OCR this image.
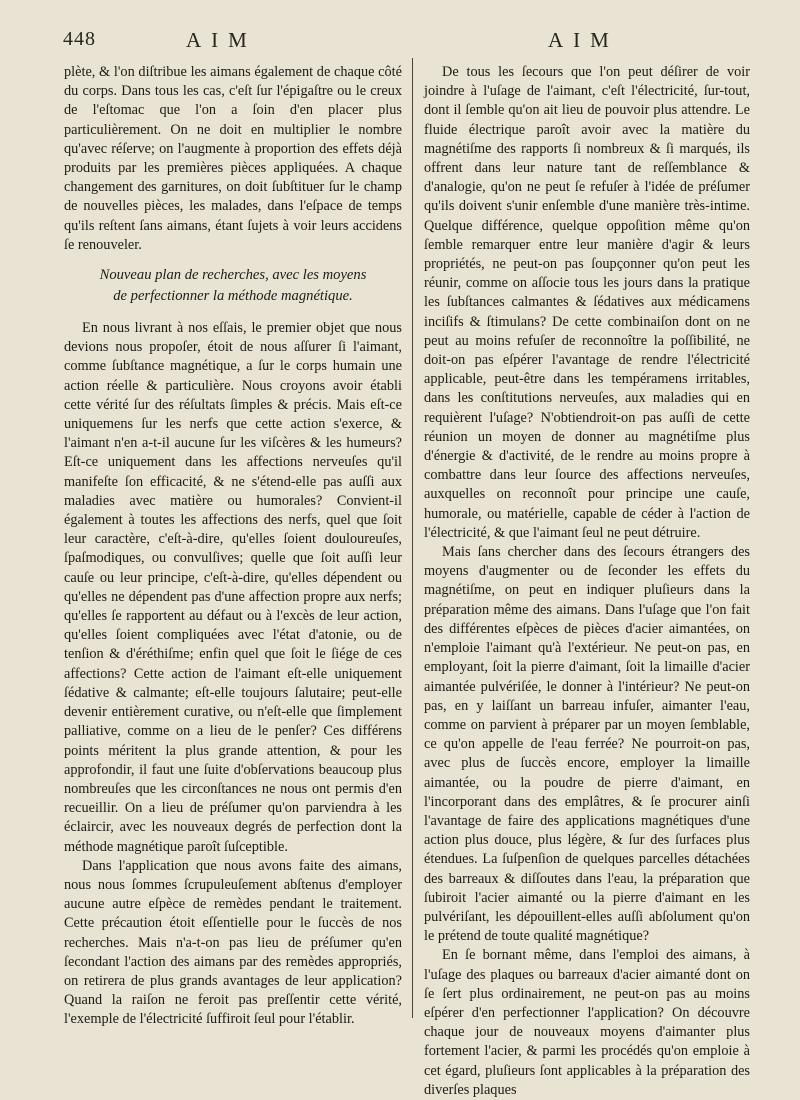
448	AIM	AIM

plète, & l'on diſtribue les aimans également de chaque côté du corps. Dans tous les cas, c'eſt ſur l'épigaſtre ou le creux de l'eſtomac que l'on a ſoin d'en placer plus particulièrement. On ne doit en multiplier le nombre qu'avec réſerve; on l'augmente à proportion des effets déjà produits par les premières pièces appliquées. A chaque changement des garnitures, on doit ſubſtituer ſur le champ de nouvelles pièces, les malades, dans l'eſpace de temps qu'ils reſtent ſans aimans, étant ſujets à voir leurs accidens ſe renouveler.

Nouveau plan de recherches, avec les moyens
de perfectionner la méthode magnétique.

En nous livrant à nos eſſais, le premier objet que nous devions nous propoſer, étoit de nous aſſurer ſi l'aimant, comme ſubſtance magnétique, a ſur le corps humain une action réelle & particulière. Nous croyons avoir établi cette vérité ſur des réſultats ſimples & précis. Mais eſt-ce uniquemens ſur les nerfs que cette action s'exerce, & l'aimant n'en a-t-il aucune ſur les viſcères & les humeurs? Eſt-ce uniquement dans les affections nerveuſes qu'il manifeſte ſon efficacité, & ne s'étend-elle pas auſſi aux maladies avec matière ou humorales? Convient-il également à toutes les affections des nerfs, quel que ſoit leur caractère, c'eſt-à-dire, qu'elles ſoient douloureuſes, ſpaſmodiques, ou convulſives; quelle que ſoit auſſi leur cauſe ou leur principe, c'eſt-à-dire, qu'elles dépendent ou qu'elles ne dépendent pas d'une affection propre aux nerfs; qu'elles ſe rapportent au défaut ou à l'excès de leur action, qu'elles ſoient compliquées avec l'état d'atonie, ou de tenſion & d'éréthiſme; enfin quel que ſoit le ſiége de ces affections? Cette action de l'aimant eſt-elle uniquement ſédative & calmante; eſt-elle toujours ſalutaire; peut-elle devenir entièrement curative, ou n'eſt-elle que ſimplement palliative, comme on a lieu de le penſer? Ces différens points méritent la plus grande attention, & pour les approfondir, il faut une ſuite d'obſervations beaucoup plus nombreuſes que les circonſtances ne nous ont permis d'en recueillir. On a lieu de préſumer qu'on parviendra à les éclaircir, avec les nouveaux degrés de perfection dont la méthode magnétique paroît ſuſceptible.

Dans l'application que nous avons faite des aimans, nous nous ſommes ſcrupuleuſement abſtenus d'employer aucune autre eſpèce de remèdes pendant le traitement. Cette précaution étoit eſſentielle pour le ſuccès de nos recherches. Mais n'a-t-on pas lieu de préſumer qu'en ſecondant l'action des aimans par des remèdes appropriés, on retirera de plus grands avantages de leur application? Quand la raiſon ne feroit pas preſſentir cette vérité, l'exemple de l'électricité ſuffiroit ſeul pour l'établir.

De tous les ſecours que l'on peut déſirer de voir joindre à l'uſage de l'aimant, c'eſt l'électricité, ſur-tout, dont il ſemble qu'on ait lieu de pouvoir plus attendre. Le fluide électrique paroît avoir avec la matière du magnétiſme des rapports ſi nombreux & ſi marqués, ils offrent dans leur nature tant de reſſemblance & d'analogie, qu'on ne peut ſe refuſer à l'idée de préſumer qu'ils doivent s'unir enſemble d'une manière très-intime. Quelque différence, quelque oppoſition même qu'on ſemble remarquer entre leur manière d'agir & leurs propriétés, ne peut-on pas ſoupçonner qu'on peut les réunir, comme on aſſocie tous les jours dans la pratique les ſubſtances calmantes & ſédatives aux médicamens inciſifs & ſtimulans? De cette combinaiſon dont on ne peut au moins refuſer de reconnoître la poſſibilité, ne doit-on pas eſpérer l'avantage de rendre l'électricité applicable, peut-être dans les tempéramens irritables, dans les conſtitutions nerveuſes, aux maladies qui en requièrent l'uſage? N'obtiendroit-on pas auſſi de cette réunion un moyen de donner au magnétiſme plus d'énergie & d'activité, de le rendre au moins propre à combattre dans leur ſource des affections nerveuſes, auxquelles on reconnoît pour principe une cauſe, humorale, ou matérielle, capable de céder à l'action de l'électricité, & que l'aimant ſeul ne peut détruire.

Mais ſans chercher dans des ſecours étrangers des moyens d'augmenter ou de ſeconder les effets du magnétiſme, on peut en indiquer pluſieurs dans la préparation même des aimans. Dans l'uſage que l'on fait des différentes eſpèces de pièces d'acier aimantées, on n'emploie l'aimant qu'à l'extérieur. Ne peut-on pas, en employant, ſoit la pierre d'aimant, ſoit la limaille d'acier aimantée pulvériſée, le donner à l'intérieur? Ne peut-on pas, en y laiſſant un barreau infuſer, aimanter l'eau, comme on parvient à préparer par un moyen ſemblable, ce qu'on appelle de l'eau ferrée? Ne pourroit-on pas, avec plus de ſuccès encore, employer la limaille aimantée, ou la poudre de pierre d'aimant, en l'incorporant dans des emplâtres, & ſe procurer ainſi l'avantage de faire des applications magnétiques d'une action plus douce, plus légère, & ſur des ſurfaces plus étendues. La ſuſpenſion de quelques parcelles détachées des barreaux & diſſoutes dans l'eau, la préparation que ſubiroit l'acier aimanté ou la pierre d'aimant en les pulvériſant, les dépouillent-elles auſſi abſolument qu'on le prétend de toute qualité magnétique?

En ſe bornant même, dans l'emploi des aimans, à l'uſage des plaques ou barreaux d'acier aimanté dont on ſe ſert plus ordinairement, ne peut-on pas au moins eſpérer d'en perfectionner l'application? On découvre chaque jour de nouveaux moyens d'aimanter plus fortement l'acier, & parmi les procédés qu'on emploie à cet égard, pluſieurs ſont applicables à la préparation des diverſes plaques
